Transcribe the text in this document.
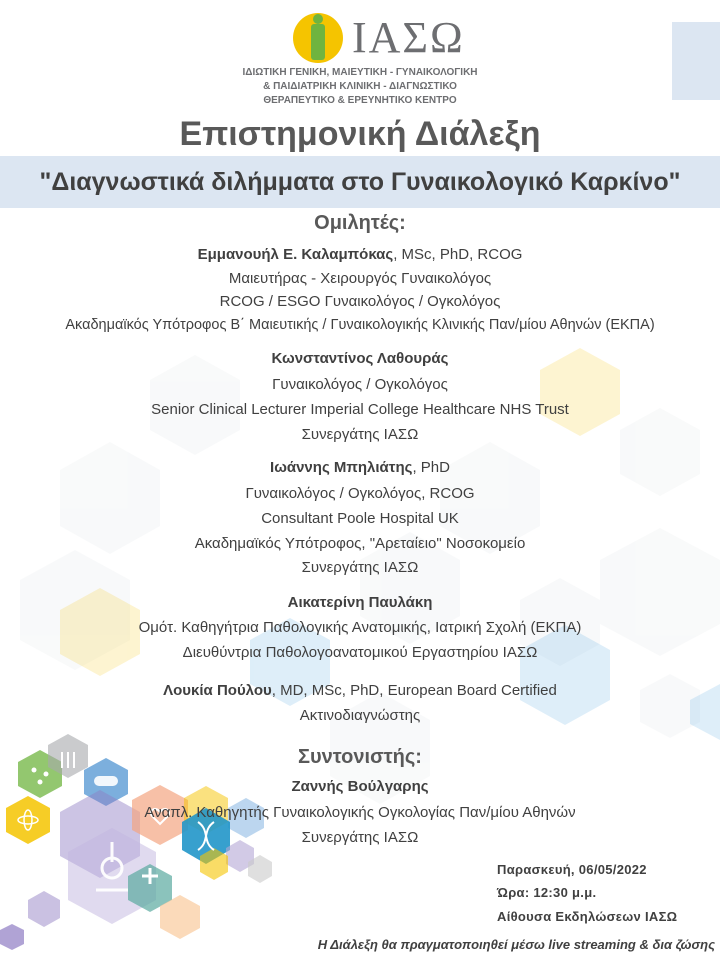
ΙΑΣΩ
ΙΔΙΩΤΙΚΗ ΓΕΝΙΚΗ, ΜΑΙΕΥΤΙΚΗ - ΓΥΝΑΙΚΟΛΟΓΙΚΗ
& ΠΑΙΔΙΑΤΡΙΚΗ ΚΛΙΝΙΚΗ - ΔΙΑΓΝΩΣΤΙΚΟ
ΘΕΡΑΠΕΥΤΙΚΟ & ΕΡΕΥΝΗΤΙΚΟ ΚΕΝΤΡΟ
Επιστημονική Διάλεξη
"Διαγνωστικά διλήμματα στο Γυναικολογικό Καρκίνο"
Ομιλητές:
Εμμανουήλ Ε. Καλαμπόκας, MSc, PhD, RCOG
Μαιευτήρας - Χειρουργός Γυναικολόγος
RCOG / ESGO Γυναικολόγος / Ογκολόγος
Ακαδημαϊκός Υπότροφος Β΄ Μαιευτικής / Γυναικολογικής Κλινικής Παν/μίου Αθηνών (ΕΚΠΑ)
Κωνσταντίνος Λαθουράς
Γυναικολόγος / Ογκολόγος
Senior Clinical Lecturer Imperial College Healthcare NHS Trust
Συνεργάτης ΙΑΣΩ
Ιωάννης Μπηλιάτης, PhD
Γυναικολόγος / Ογκολόγος, RCOG
Consultant Poole Hospital UK
Ακαδημαϊκός Υπότροφος, "Αρεταίειο" Νοσοκομείο
Συνεργάτης ΙΑΣΩ
Αικατερίνη Παυλάκη
Ομότ. Καθηγήτρια Παθολογικής Ανατομικής, Ιατρική Σχολή (ΕΚΠΑ)
Διευθύντρια Παθολογοανατομικού Εργαστηρίου ΙΑΣΩ
Λουκία Πούλου, MD, MSc, PhD, European Board Certified
Ακτινοδιαγνώστης
Συντονιστής:
Ζαννής Βούλγαρης
Αναπλ. Καθηγητής Γυναικολογικής Ογκολογίας Παν/μίου Αθηνών
Συνεργάτης ΙΑΣΩ
Παρασκευή, 06/05/2022
Ώρα: 12:30 μ.μ.
Αίθουσα Εκδηλώσεων ΙΑΣΩ
Η Διάλεξη θα πραγματοποιηθεί μέσω live streaming & δια ζώσης
